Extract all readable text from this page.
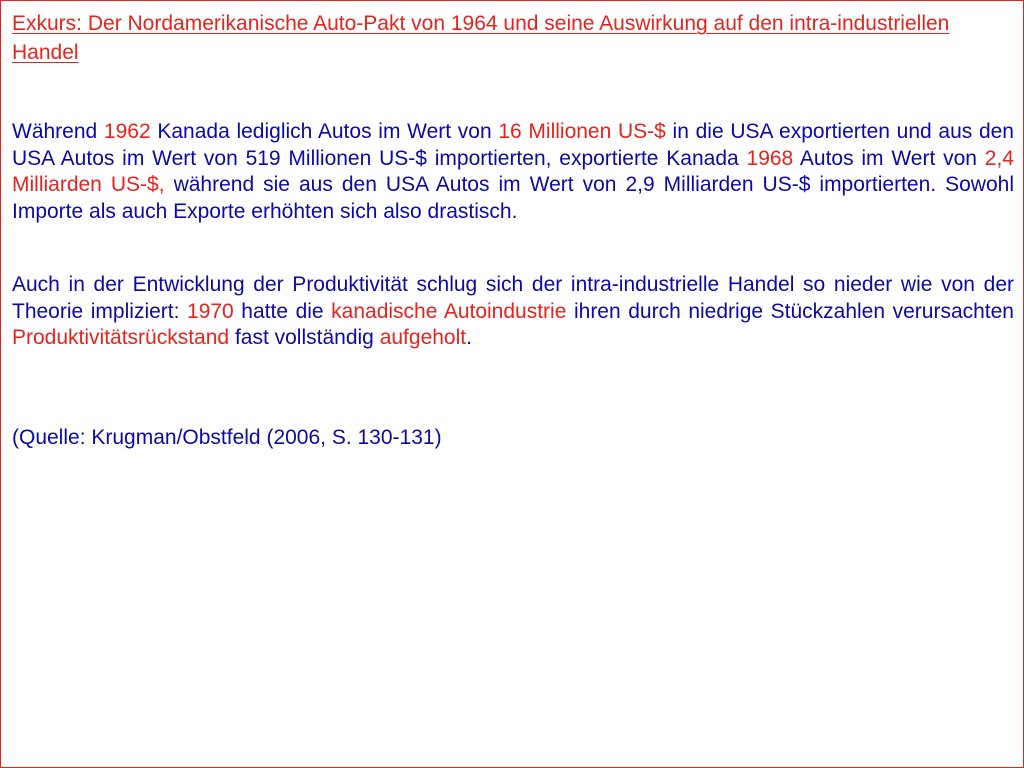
Exkurs: Der Nordamerikanische Auto-Pakt von 1964 und seine Auswirkung auf den intra-industriellen Handel

Während 1962 Kanada lediglich Autos im Wert von 16 Millionen US-$ in die USA exportierten und aus den USA Autos im Wert von 519 Millionen US-$ importierten, exportierte Kanada 1968 Autos im Wert von 2,4 Milliarden US-$, während sie aus den USA Autos im Wert von 2,9 Milliarden US-$ importierten. Sowohl Importe als auch Exporte erhöhten sich also drastisch.

Auch in der Entwicklung der Produktivität schlug sich der intra-industrielle Handel so nieder wie von der Theorie impliziert: 1970 hatte die kanadische Autoindustrie ihren durch niedrige Stückzahlen verursachten Produktivitätsrückstand fast vollständig aufgeholt.

(Quelle: Krugman/Obstfeld (2006, S. 130-131)
